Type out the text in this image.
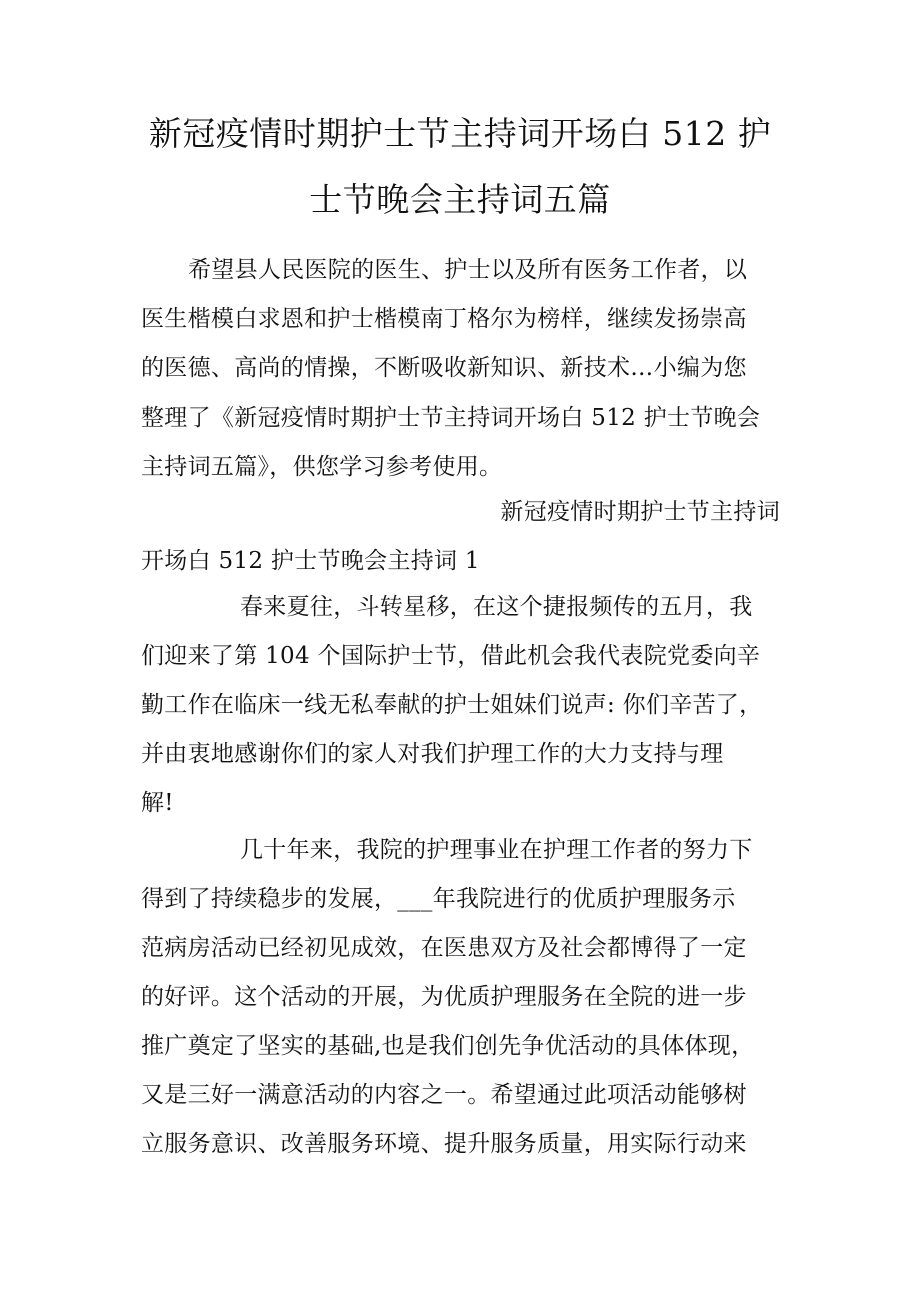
新冠疫情时期护士节主持词开场白 512 护
士节晚会主持词五篇
希望县人民医院的医生、护士以及所有医务工作者，以
医生楷模白求恩和护士楷模南丁格尔为榜样，继续发扬崇高
的医德、高尚的情操，不断吸收新知识、新技术…小编为您
整理了《新冠疫情时期护士节主持词开场白 512 护士节晚会
主持词五篇》，供您学习参考使用。
新冠疫情时期护士节主持词
开场白 512 护士节晚会主持词 1
春来夏往，斗转星移，在这个捷报频传的五月，我
们迎来了第 104 个国际护士节，借此机会我代表院党委向辛
勤工作在临床一线无私奉献的护士姐妹们说声: 你们辛苦了，
并由衷地感谢你们的家人对我们护理工作的大力支持与理
解!
几十年来，我院的护理事业在护理工作者的努力下
得到了持续稳步的发展，___年我院进行的优质护理服务示
范病房活动已经初见成效，在医患双方及社会都博得了一定
的好评。这个活动的开展，为优质护理服务在全院的进一步
推广奠定了坚实的基础,也是我们创先争优活动的具体体现，
又是三好一满意活动的内容之一。希望通过此项活动能够树
立服务意识、改善服务环境、提升服务质量，用实际行动来
